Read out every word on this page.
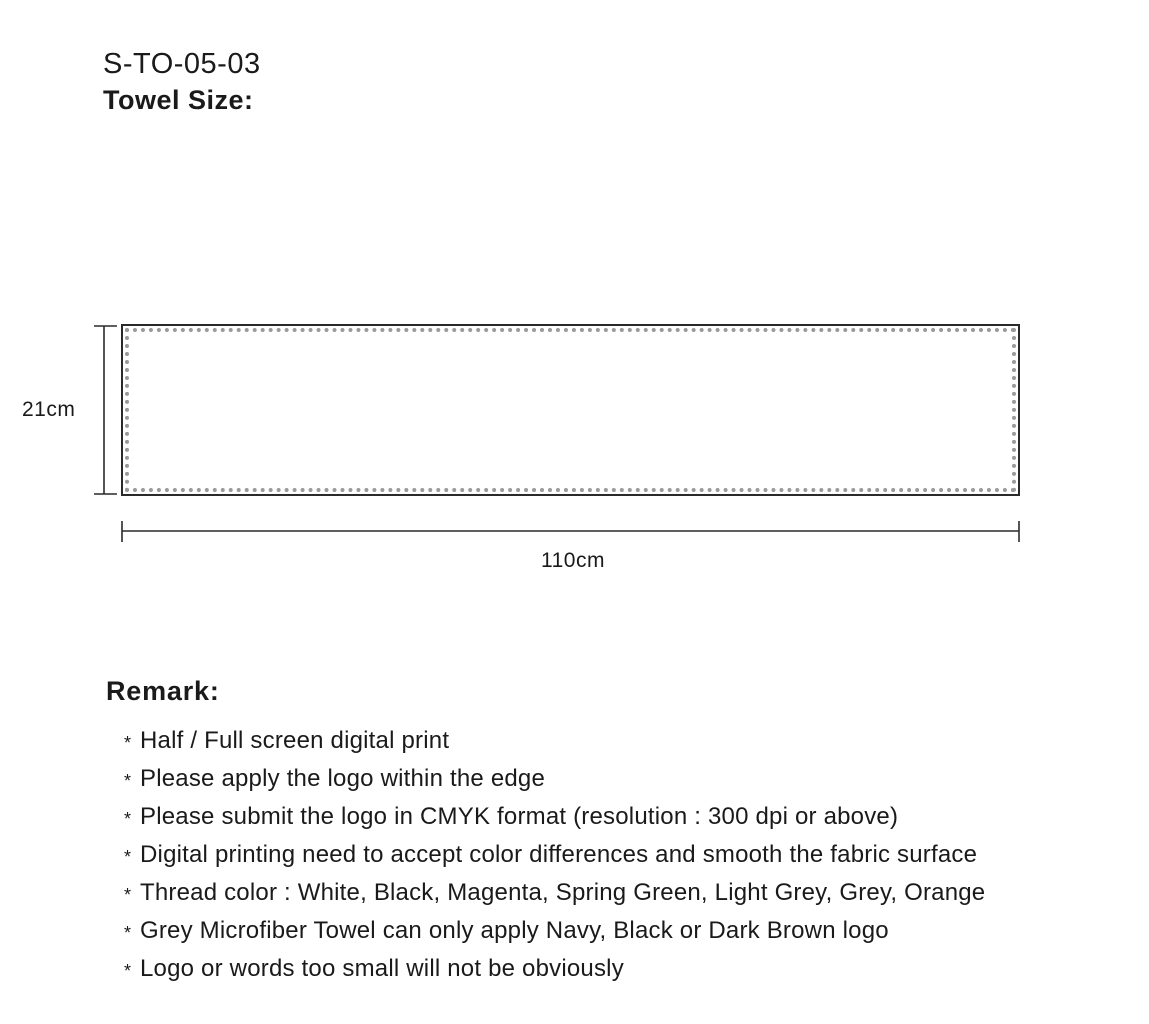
S-TO-05-03
Towel Size:
21cm
110cm
Remark:
* Half / Full screen digital print
* Please apply the logo within the edge
* Please submit the logo in CMYK format (resolution : 300 dpi or above)
* Digital printing need to accept color differences and smooth the fabric surface
* Thread color : White, Black, Magenta, Spring Green, Light Grey, Grey, Orange
* Grey Microfiber Towel can only apply Navy, Black or Dark Brown logo
* Logo or words too small will not be obviously
